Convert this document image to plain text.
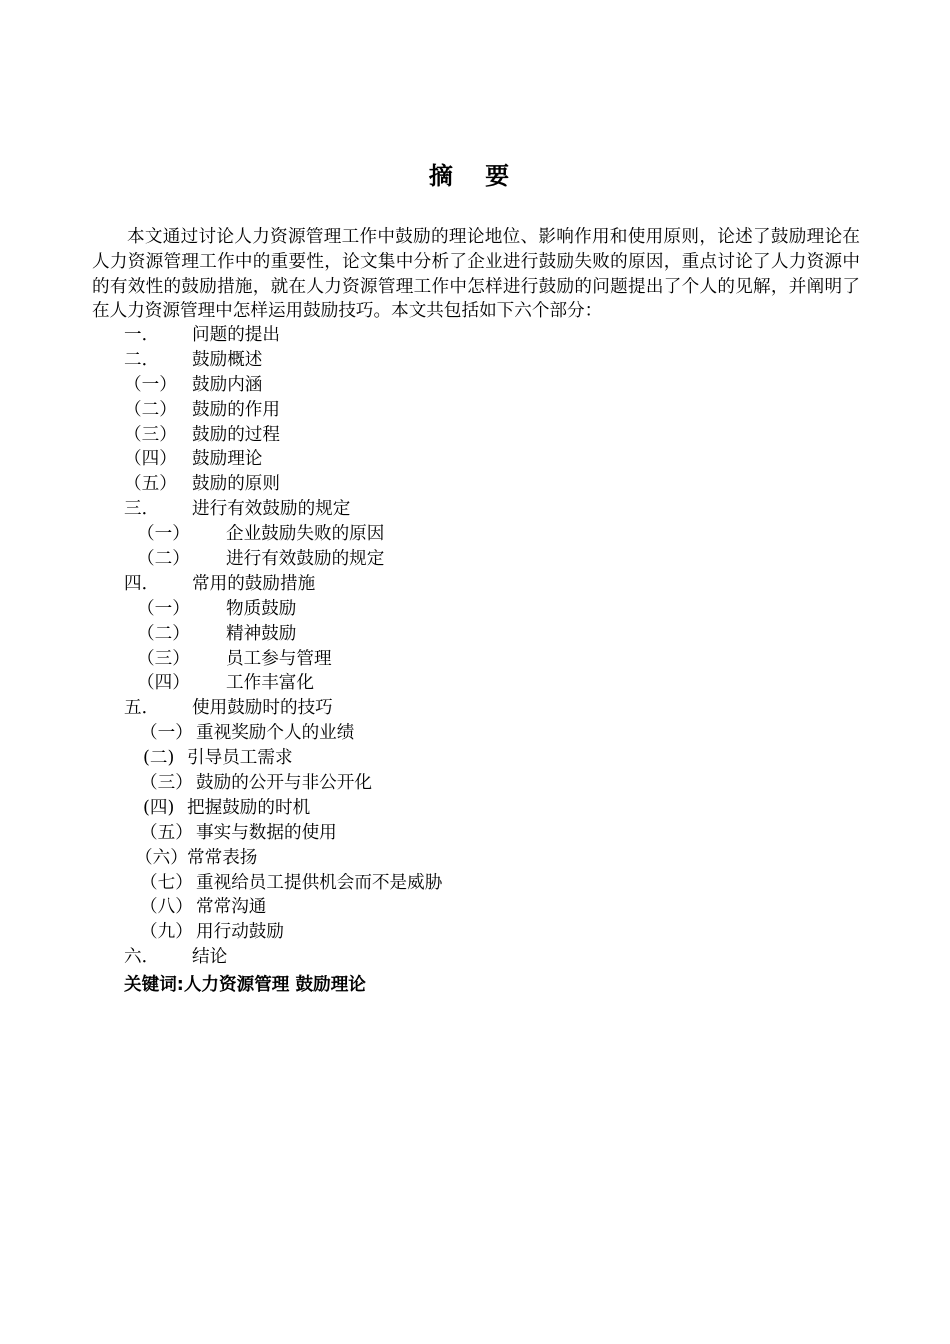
摘 要

本文通过讨论人力资源管理工作中鼓励的理论地位、影响作用和使用原则，论述了鼓励理论在人力资源管理工作中的重要性，论文集中分析了企业进行鼓励失败的原因，重点讨论了人力资源中的有效性的鼓励措施，就在人力资源管理工作中怎样进行鼓励的问题提出了个人的见解，并阐明了在人力资源管理中怎样运用鼓励技巧。本文共包括如下六个部分：

一． 问题的提出
二． 鼓励概述
（一） 鼓励内涵
（二） 鼓励的作用
（三） 鼓励的过程
（四） 鼓励理论
（五） 鼓励的原则
三． 进行有效鼓励的规定
（一） 企业鼓励失败的原因
（二） 进行有效鼓励的规定
四． 常用的鼓励措施
（一） 物质鼓励
（二） 精神鼓励
（三） 员工参与管理
（四） 工作丰富化
五． 使用鼓励时的技巧
（一） 重视奖励个人的业绩
(二) 引导员工需求
（三） 鼓励的公开与非公开化
(四) 把握鼓励的时机
（五） 事实与数据的使用
（六） 常常表扬
（七） 重视给员工提供机会而不是威胁
（八） 常常沟通
（九） 用行动鼓励
六． 结论
关键词:人力资源管理 鼓励理论
